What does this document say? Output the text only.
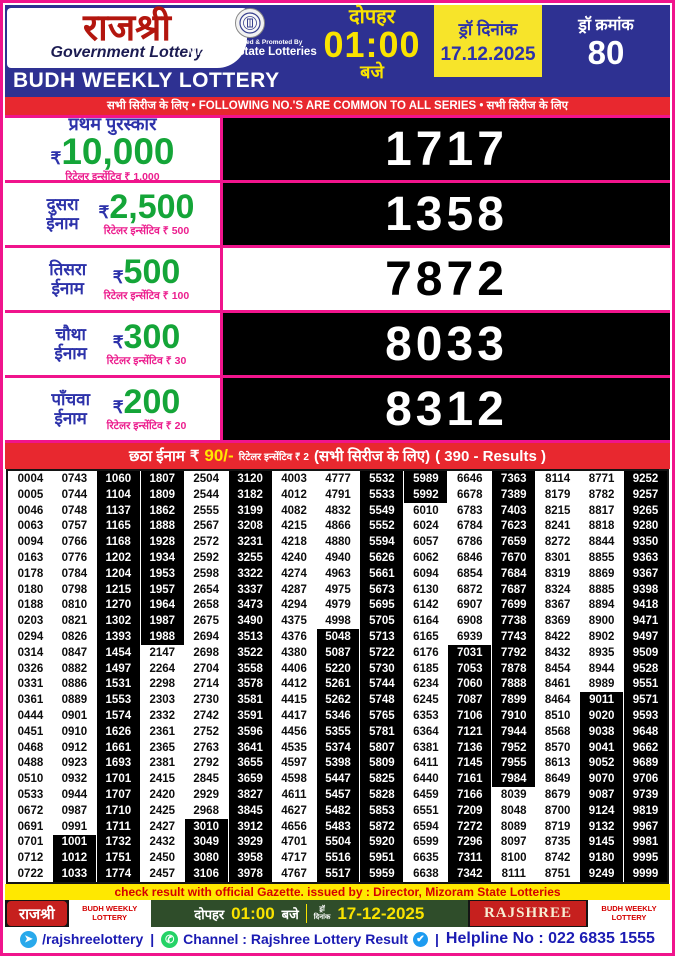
राजश्री
Government Lottery
BUDH WEEKLY LOTTERY
Lottery Organised & Promoted By
Mizoram State Lotteries
दोपहर
01:00
बजे
ड्रॉ दिनांक
17.12.2025
ड्रॉ क्रमांक
80
सभी सिरीज के लिए • FOLLOWING NO.'S ARE COMMON TO ALL SERIES • सभी सिरीज के लिए
प्रथम पुरस्कार
₹10,000
रिटेलर इन्सेंटिव ₹ 1,000
1717
दुसरा ईनाम
₹2,500
रिटेलर इन्सेंटिव ₹ 500	1358
तिसरा ईनाम
₹500
रिटेलर इन्सेंटिव ₹ 100	7872
चौथा ईनाम
₹300
रिटेलर इन्सेंटिव ₹ 30	8033
पाँचवा ईनाम
₹200
रिटेलर इन्सेंटिव ₹ 20	8312
छठा ईनाम ₹ 90/- रिटेलर इन्सेंटिव ₹ 2 (सभी सिरीज के लिए) ( 390 - Results )
0004	0743	1060	1807	2504	3120	4003	4777	5532	5989	6646	7363	8114	8771	9252
0005	0744	1104	1809	2544	3182	4012	4791	5533	5992	6678	7389	8179	8782	9257
0046	0748	1137	1862	2555	3199	4082	4832	5549	6010	6783	7403	8215	8817	9265
0063	0757	1165	1888	2567	3208	4215	4866	5552	6024	6784	7623	8241	8818	9280
0094	0766	1168	1928	2572	3231	4218	4880	5594	6057	6786	7659	8272	8844	9350
0163	0776	1202	1934	2592	3255	4240	4940	5626	6062	6846	7670	8301	8855	9363
0178	0784	1204	1953	2598	3322	4274	4963	5661	6094	6854	7684	8319	8869	9367
0180	0798	1215	1957	2654	3337	4287	4975	5673	6130	6872	7687	8324	8885	9398
0188	0810	1270	1964	2658	3473	4294	4979	5695	6142	6907	7699	8367	8894	9418
0203	0821	1302	1987	2675	3490	4375	4998	5705	6164	6908	7738	8369	8900	9471
0294	0826	1393	1988	2694	3513	4376	5048	5713	6165	6939	7743	8422	8902	9497
0314	0847	1454	2147	2698	3522	4380	5087	5722	6176	7031	7792	8432	8935	9509
0326	0882	1497	2264	2704	3558	4406	5220	5730	6185	7053	7878	8454	8944	9528
0331	0886	1531	2298	2714	3578	4412	5261	5744	6234	7060	7888	8461	8989	9551
0361	0889	1553	2303	2730	3581	4415	5262	5748	6245	7087	7899	8464	9011	9571
0444	0901	1574	2332	2742	3591	4417	5346	5765	6353	7106	7910	8510	9020	9593
0451	0910	1626	2361	2752	3596	4456	5355	5781	6364	7121	7944	8568	9038	9648
0468	0912	1661	2365	2763	3641	4535	5374	5807	6381	7136	7952	8570	9041	9662
0488	0923	1693	2381	2792	3655	4597	5398	5809	6411	7145	7955	8613	9052	9689
0510	0932	1701	2415	2845	3659	4598	5447	5825	6440	7161	7984	8649	9070	9706
0533	0944	1707	2420	2929	3827	4611	5457	5828	6459	7166	8039	8679	9087	9739
0672	0987	1710	2425	2968	3845	4627	5482	5853	6551	7209	8048	8700	9124	9819
0691	0991	1711	2427	3010	3912	4656	5483	5872	6594	7272	8089	8719	9132	9967
0701	1001	1732	2432	3049	3929	4701	5504	5920	6599	7296	8097	8735	9145	9981
0712	1012	1751	2450	3080	3958	4717	5516	5951	6635	7311	8100	8742	9180	9995
0722	1033	1774	2457	3106	3978	4767	5517	5959	6638	7342	8111	8751	9249	9999
check result with official Gazette. issued by : Director, Mizoram State Lotteries
राजश्री	BUDH WEEKLY LOTTERY	दोपहर 01:00 बजे	ड्रॉ
दिनांक 17-12-2025	RAJSHREE	BUDH WEEKLY LOTTERY
➤ /rajshreelottery | ✆ Channel : Rajshree Lottery Result ✔ | Helpline No : 022 6835 1555
